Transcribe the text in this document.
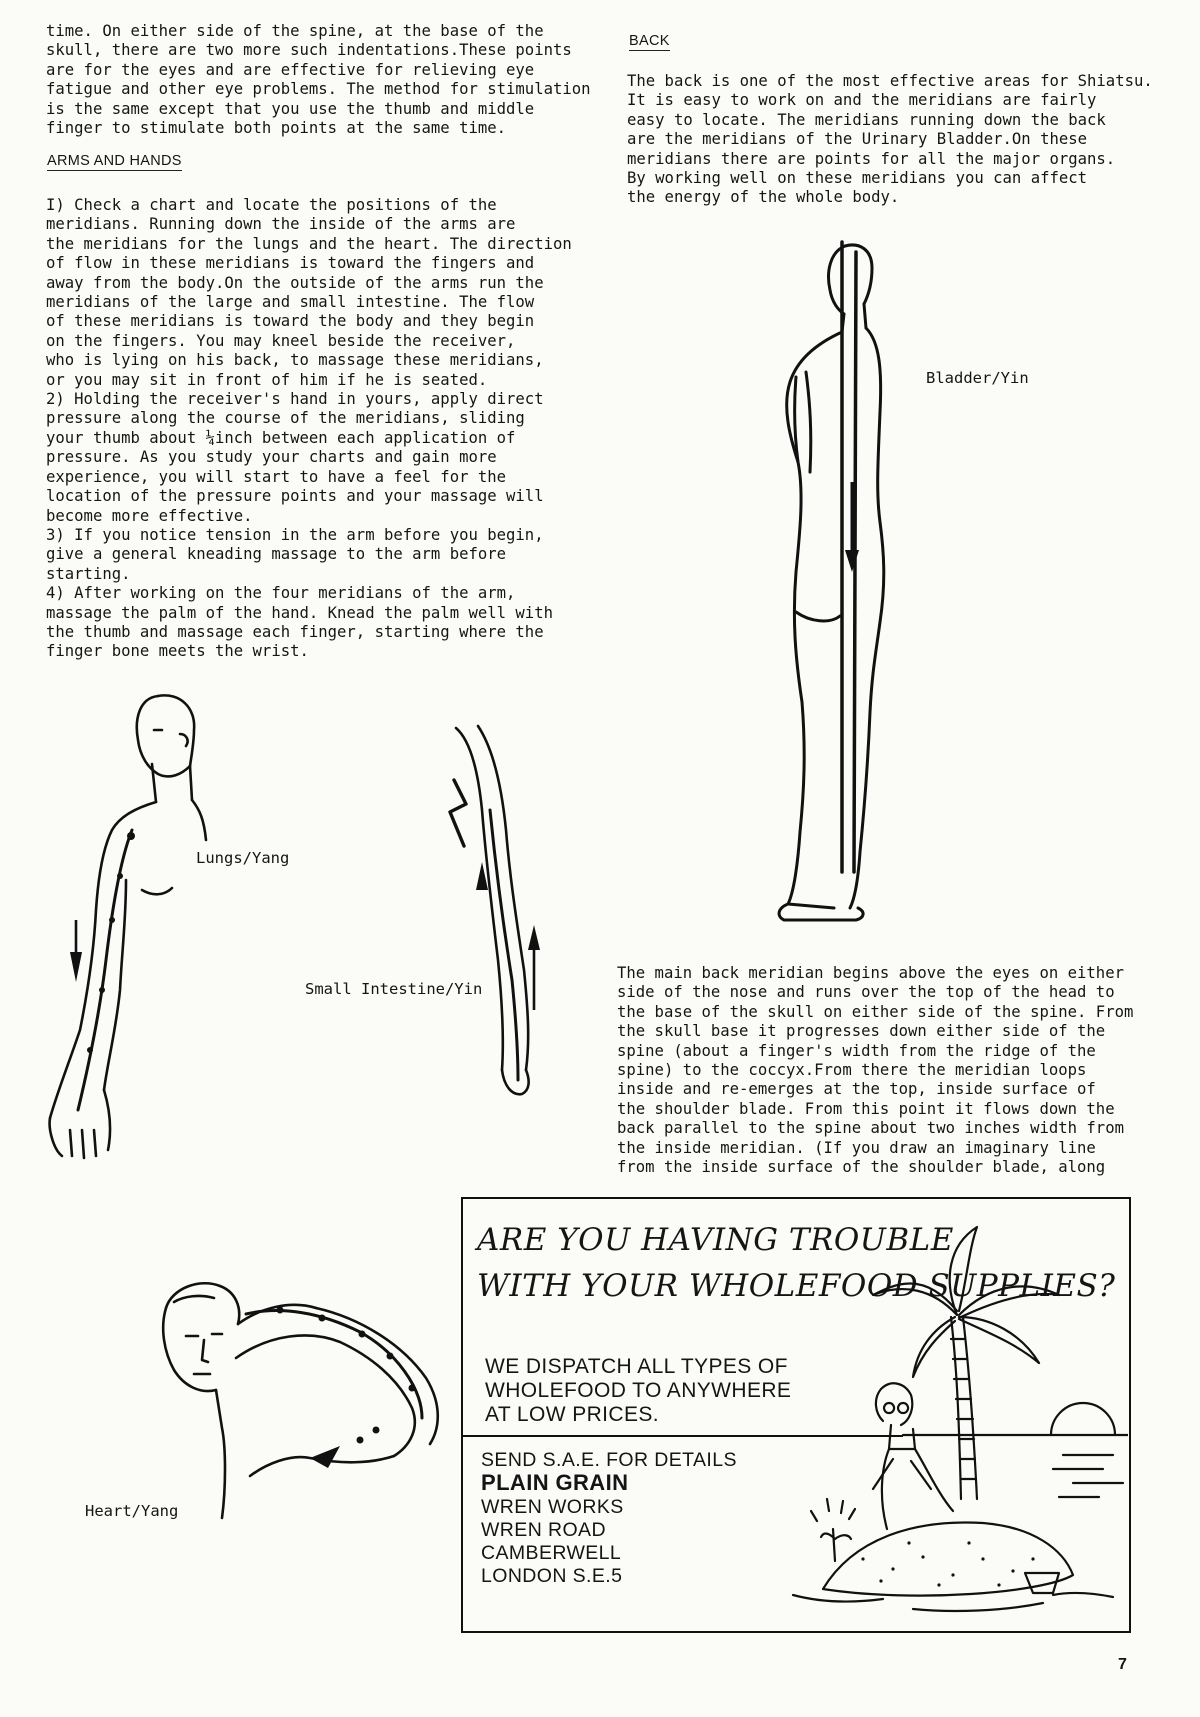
time. On either side of the spine, at the base of the
skull, there are two more such indentations.These points
are for the eyes and are effective for relieving eye
fatigue and other eye problems. The method for stimulation
is the same except that you use the thumb and middle
finger to stimulate both points at the same time.
ARMS AND HANDS
I) Check a chart and locate the positions of the
meridians. Running down the inside of the arms are
the meridians for the lungs and the heart. The direction
of flow in these meridians is toward the fingers and
away from the body.On the outside of the arms run the
meridians of the large and small intestine. The flow
of these meridians is toward the body and they begin
on the fingers. You may kneel beside the receiver,
who is lying on his back, to massage these meridians,
or you may sit in front of him if he is seated.
2) Holding the receiver's hand in yours, apply direct
pressure along the course of the meridians, sliding
your thumb about ¼inch between each application of
pressure. As you study your charts and gain more
experience, you will start to have a feel for the
location of the pressure points and your massage will
become more effective.
3) If you notice tension in the arm before you begin,
give a general kneading massage to the arm before
starting.
4) After working on the four meridians of the arm,
massage the palm of the hand. Knead the palm well with
the thumb and massage each finger, starting where the
finger bone meets the wrist.
BACK
The back is one of the most effective areas for Shiatsu.
It is easy to work on and the meridians are fairly
easy to locate. The meridians running down the back
are the meridians of the Urinary Bladder.On these
meridians there are points for all the major organs.
By working well on these meridians you can affect
the energy of the whole body.
The main back meridian begins above the eyes on either
side of the nose and runs over the top of the head to
the base of the skull on either side of the spine. From
the skull base it progresses down either side of the
spine (about a finger's width from the ridge of the
spine) to the coccyx.From there the meridian loops
inside and re-emerges at the top, inside surface of
the shoulder blade. From this point it flows down the
back parallel to the spine about two inches width from
the inside meridian. (If you draw an imaginary line
from the inside surface of the shoulder blade, along
Bladder/Yin
Lungs/Yang
Small Intestine/Yin
Heart/Yang
ARE YOU HAVING TROUBLE
WITH YOUR WHOLEFOOD SUPPLIES?
WE DISPATCH ALL TYPES OF
WHOLEFOOD TO ANYWHERE
AT LOW PRICES.
SEND S.A.E. FOR DETAILS
PLAIN GRAIN
WREN WORKS
WREN ROAD
CAMBERWELL
LONDON S.E.5
7
